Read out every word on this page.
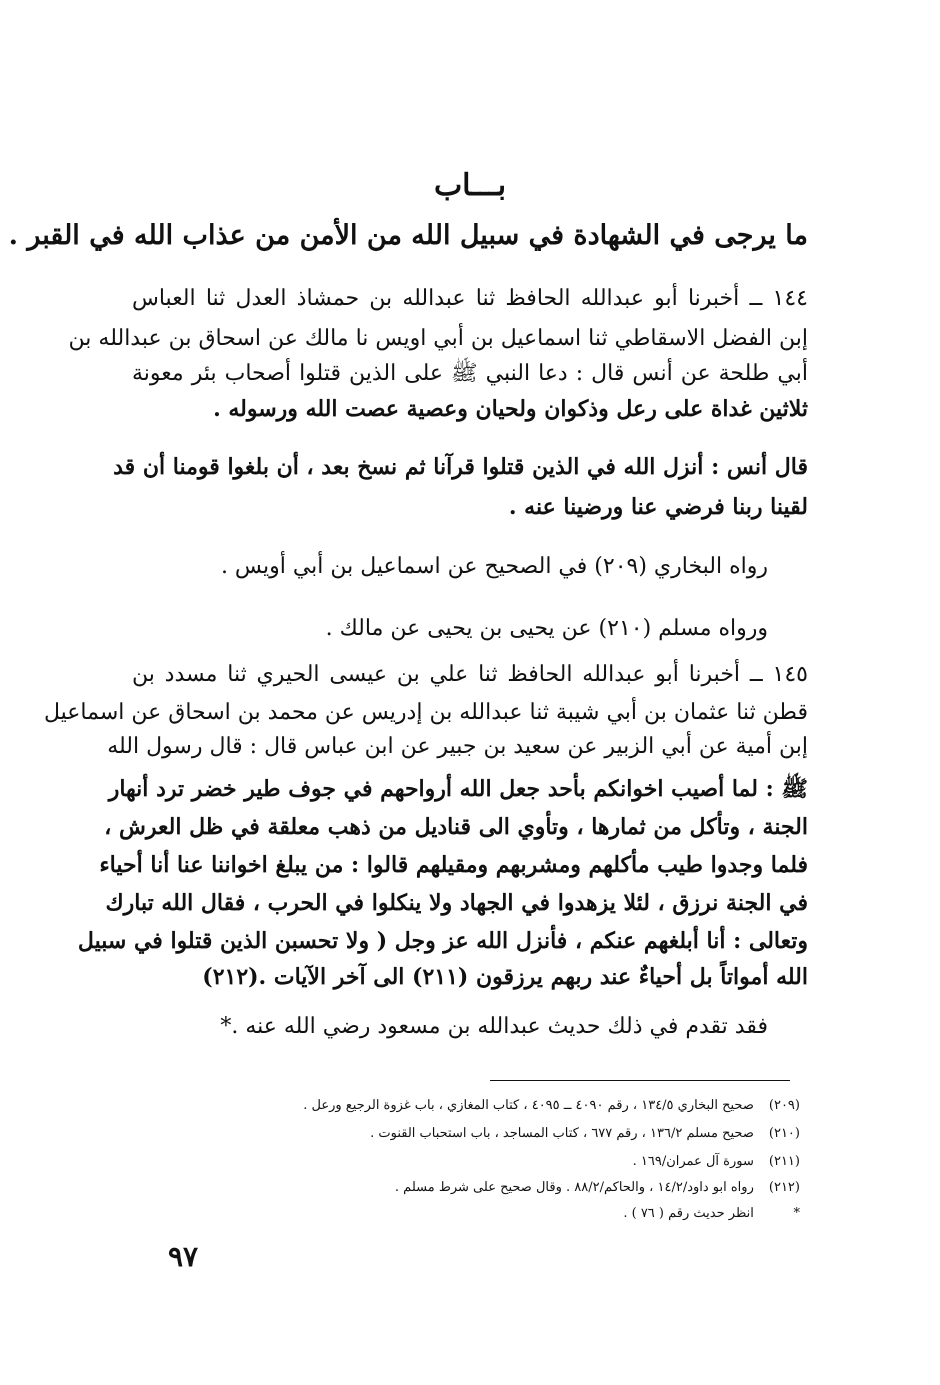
بـــاب
ما يرجى في الشهادة في سبيل الله من الأمن من عذاب الله في القبر .
١٤٤ ــ أخبرنا أبو عبدالله الحافظ ثنا عبدالله بن حمشاذ العدل ثنا العباس
إبن الفضل الاسقاطي ثنا اسماعيل بن أبي اويس نا مالك عن اسحاق بن عبدالله بن
أبي طلحة عن أنس قال : دعا النبي ﷺ على الذين قتلوا أصحاب بئر معونة
ثلاثين غداة على رعل وذكوان ولحيان وعصية عصت الله ورسوله .
قال أنس : أنزل الله في الذين قتلوا قرآنا ثم نسخ بعد ، أن بلغوا قومنا أن قد
لقينا ربنا فرضي عنا ورضينا عنه .
رواه البخاري (٢٠٩) في الصحيح عن اسماعيل بن أبي أويس .
ورواه مسلم (٢١٠) عن يحيى بن يحيى عن مالك .
١٤٥ ــ أخبرنا أبو عبدالله الحافظ ثنا علي بن عيسى الحيري ثنا مسدد بن
قطن ثنا عثمان بن أبي شيبة ثنا عبدالله بن إدريس عن محمد بن اسحاق عن اسماعيل
إبن أمية عن أبي الزبير عن سعيد بن جبير عن ابن عباس قال : قال رسول الله
ﷺ : لما أصيب اخوانكم بأحد جعل الله أرواحهم في جوف طير خضر ترد أنهار
الجنة ، وتأكل من ثمارها ، وتأوي الى قناديل من ذهب معلقة في ظل العرش ،
فلما وجدوا طيب مأكلهم ومشربهم ومقيلهم قالوا : من يبلغ اخواننا عنا أنا أحياء
في الجنة نرزق ، لئلا يزهدوا في الجهاد ولا ينكلوا في الحرب ، فقال الله تبارك
وتعالى : أنا أبلغهم عنكم ، فأنزل الله عز وجل ( ولا تحسبن الذين قتلوا في سبيل
الله أمواتاً بل أحياءٌ عند ربهم يرزقون (٢١١) الى آخر الآيات .(٢١٢)
فقد تقدم في ذلك حديث عبدالله بن مسعود رضي الله عنه .*
(٢٠٩) صحيح البخاري ١٣٤/٥ ، رقم ٤٠٩٠ ــ ٤٠٩٥ ، كتاب المغازي ، باب غزوة الرجيع ورعل .
(٢١٠) صحيح مسلم ١٣٦/٢ ، رقم ٦٧٧ ، كتاب المساجد ، باب استحباب القنوت .
(٢١١) سورة آل عمران/١٦٩ .
(٢١٢) رواه ابو داود/١٤/٢ ، والحاكم/٨٨/٢ . وقال صحيح على شرط مسلم .
* انظر حديث رقم ( ٧٦ ) .
٩٧
